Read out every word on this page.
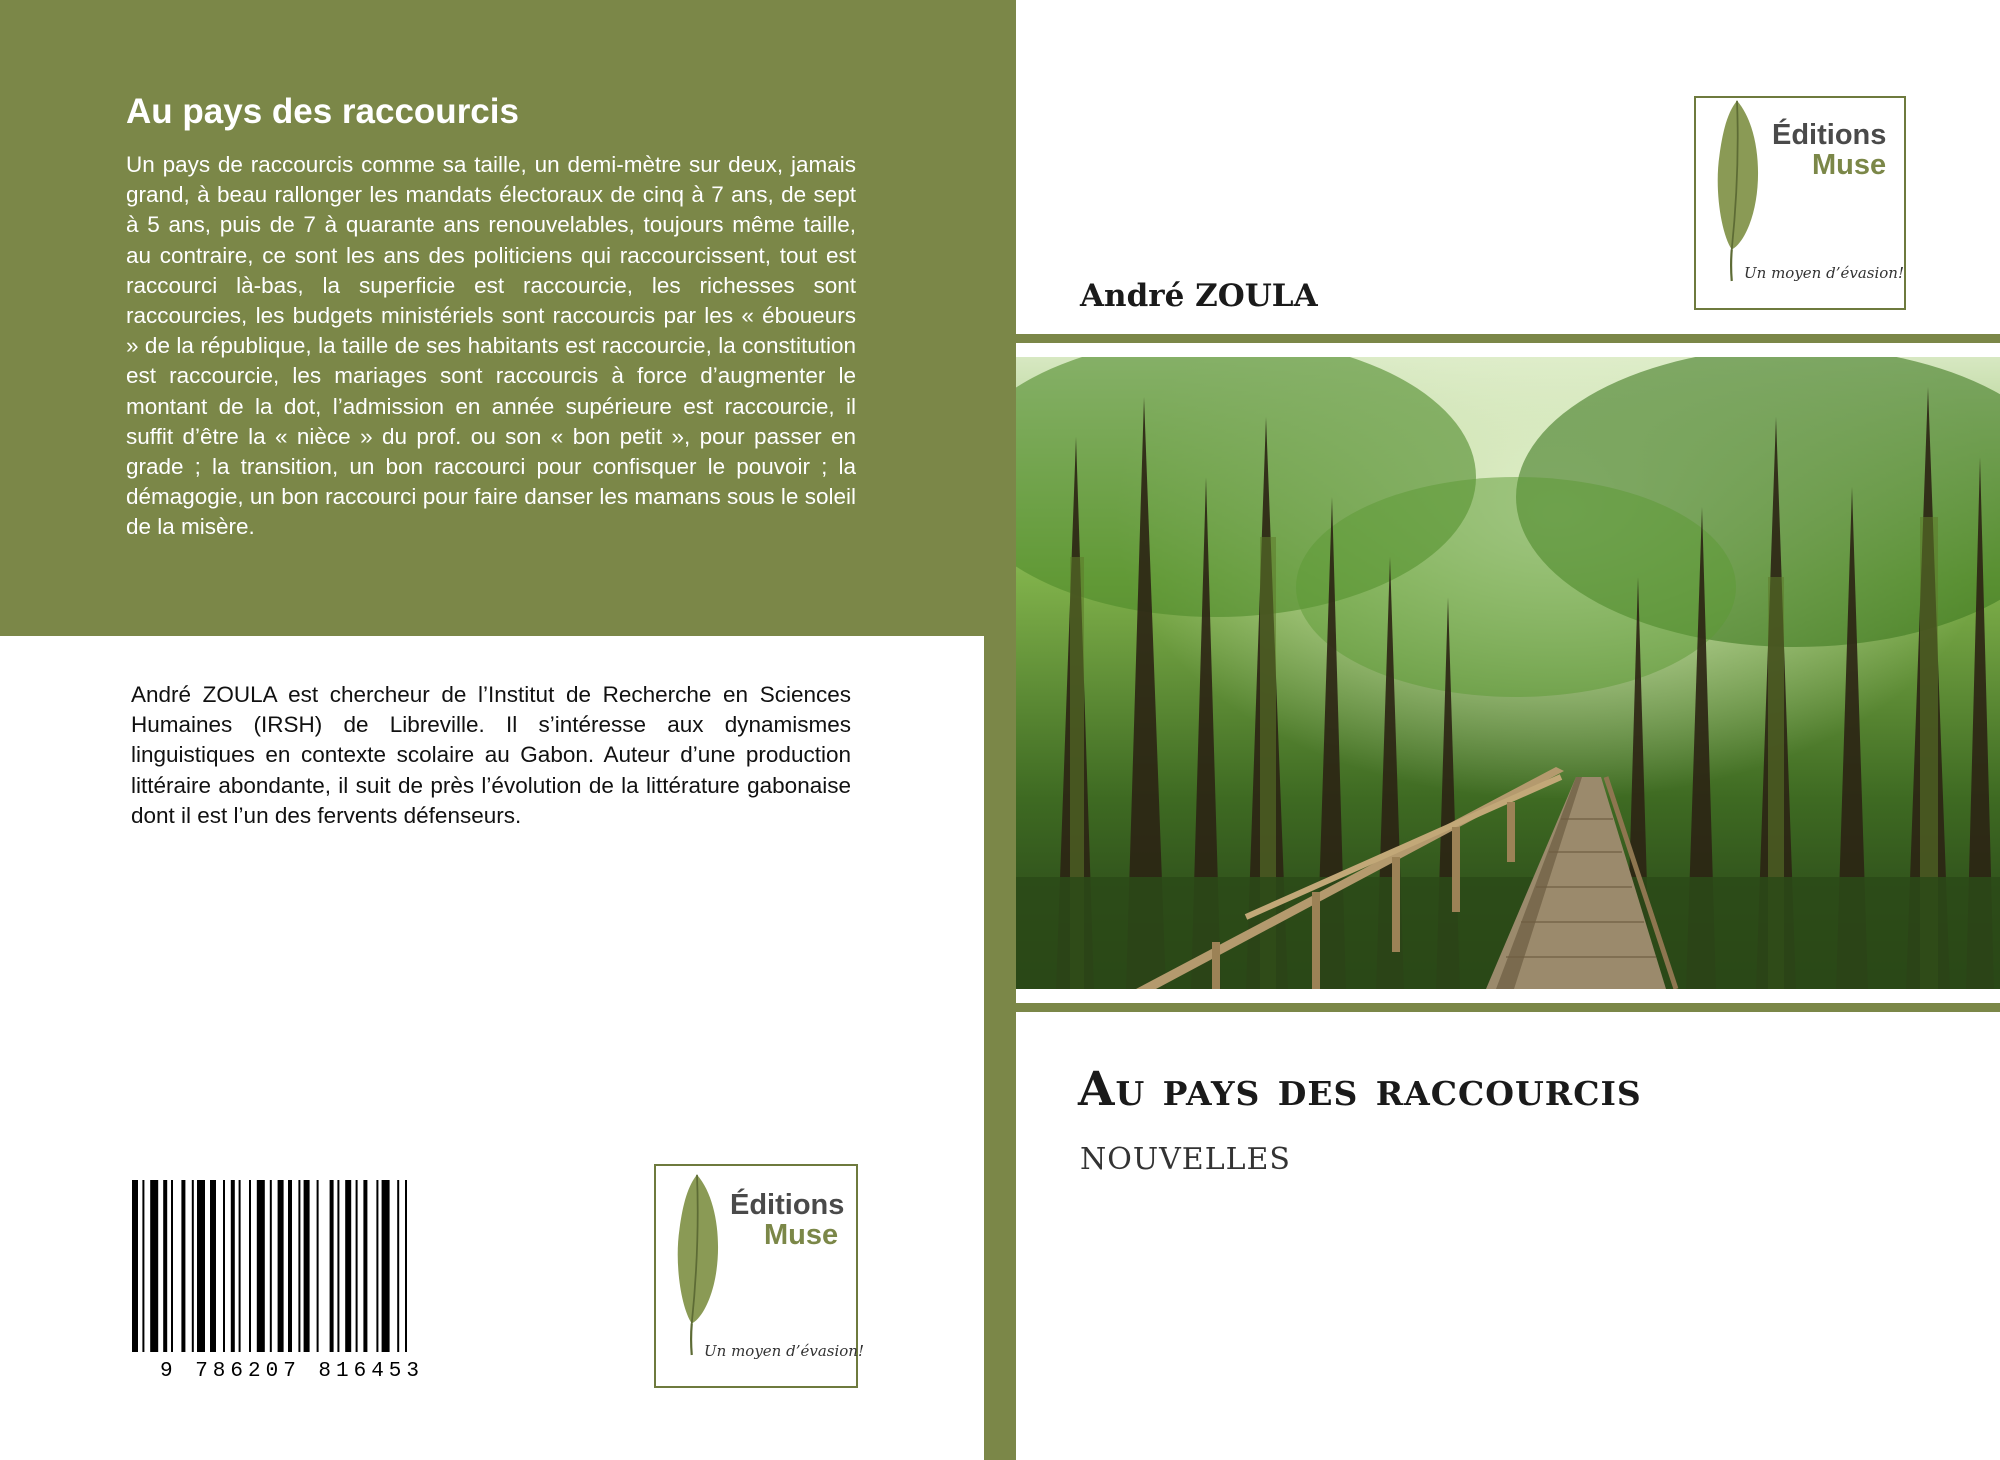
Au pays des raccourcis

Un pays de raccourcis comme sa taille, un demi-mètre sur deux, jamais grand, à beau rallonger les mandats électoraux de cinq à 7 ans, de sept à 5 ans, puis de 7 à quarante ans renouvelables, toujours même taille, au contraire, ce sont les ans des politiciens qui raccourcissent, tout est raccourci là-bas, la superficie est raccourcie, les richesses sont raccourcies, les budgets ministériels sont raccourcis par les « éboueurs » de la république, la taille de ses habitants est raccourcie, la constitution est raccourcie, les mariages sont raccourcis à force d’augmenter le montant de la dot, l’admission en année supérieure est raccourcie, il suffit d’être la « nièce » du prof. ou son « bon petit », pour passer en grade ; la transition, un bon raccourci pour confisquer le pouvoir ; la démagogie, un bon raccourci pour faire danser les mamans sous le soleil de la misère.

André ZOULA est chercheur de l’Institut de Recherche en Sciences Humaines (IRSH) de Libreville. Il s’intéresse aux dynamismes linguistiques en contexte scolaire au Gabon. Auteur d’une production littéraire abondante, il suit de près l’évolution de la littérature gabonaise dont il est l’un des fervents défenseurs.

9 786207 816453
Éditions
Muse
Un moyen d’évasion!
Éditions
Muse
Un moyen d’évasion!
André ZOULA
Au pays des raccourcis
NOUVELLES
